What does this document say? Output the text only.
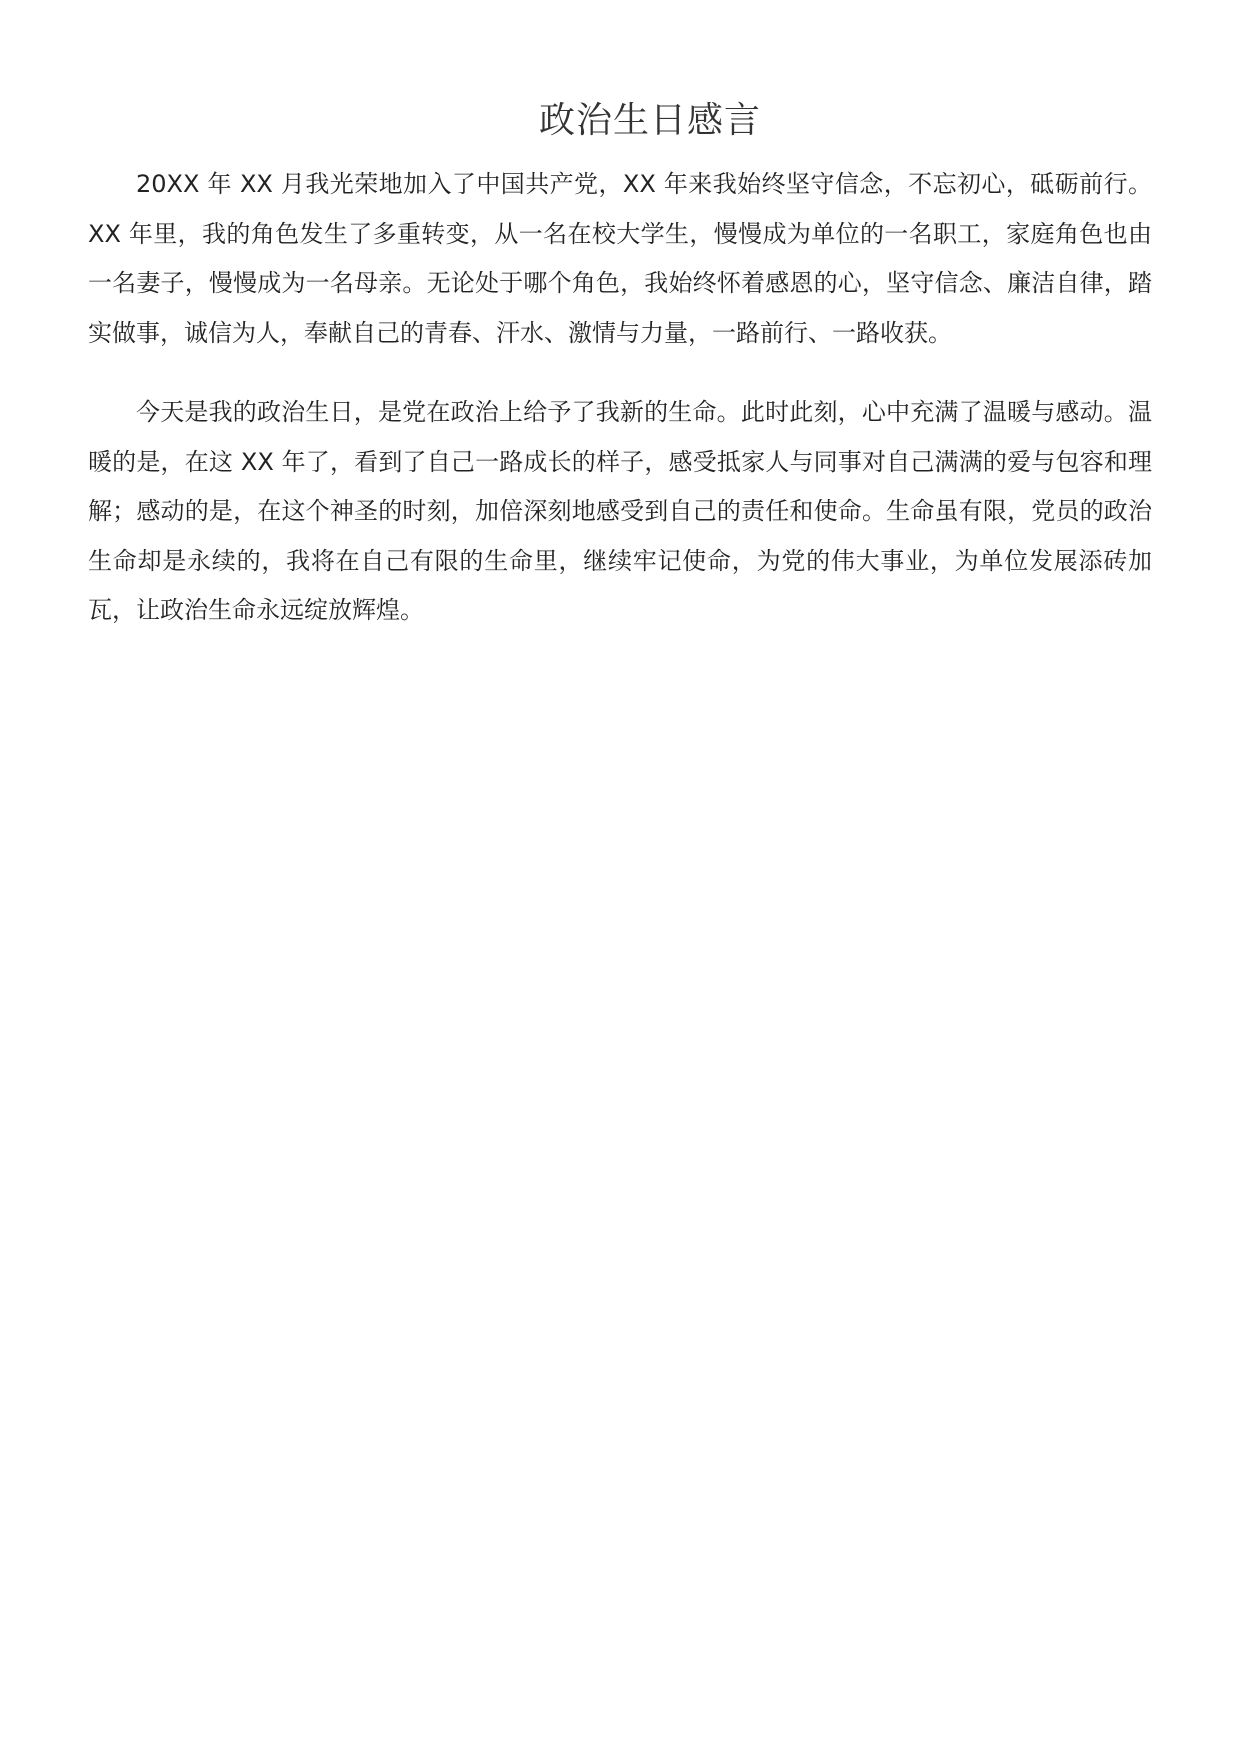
政治生日感言

20XX 年 XX 月我光荣地加入了中国共产党，XX 年来我始终坚守信念，不忘初心，砥砺前行。XX 年里，我的角色发生了多重转变，从一名在校大学生，慢慢成为单位的一名职工，家庭角色也由一名妻子，慢慢成为一名母亲。无论处于哪个角色，我始终怀着感恩的心，坚守信念、廉洁自律，踏实做事，诚信为人，奉献自己的青春、汗水、激情与力量，一路前行、一路收获。

今天是我的政治生日，是党在政治上给予了我新的生命。此时此刻，心中充满了温暖与感动。温暖的是，在这 XX 年了，看到了自己一路成长的样子，感受抵家人与同事对自己满满的爱与包容和理解；感动的是，在这个神圣的时刻，加倍深刻地感受到自己的责任和使命。生命虽有限，党员的政治生命却是永续的，我将在自己有限的生命里，继续牢记使命，为党的伟大事业，为单位发展添砖加瓦，让政治生命永远绽放辉煌。
